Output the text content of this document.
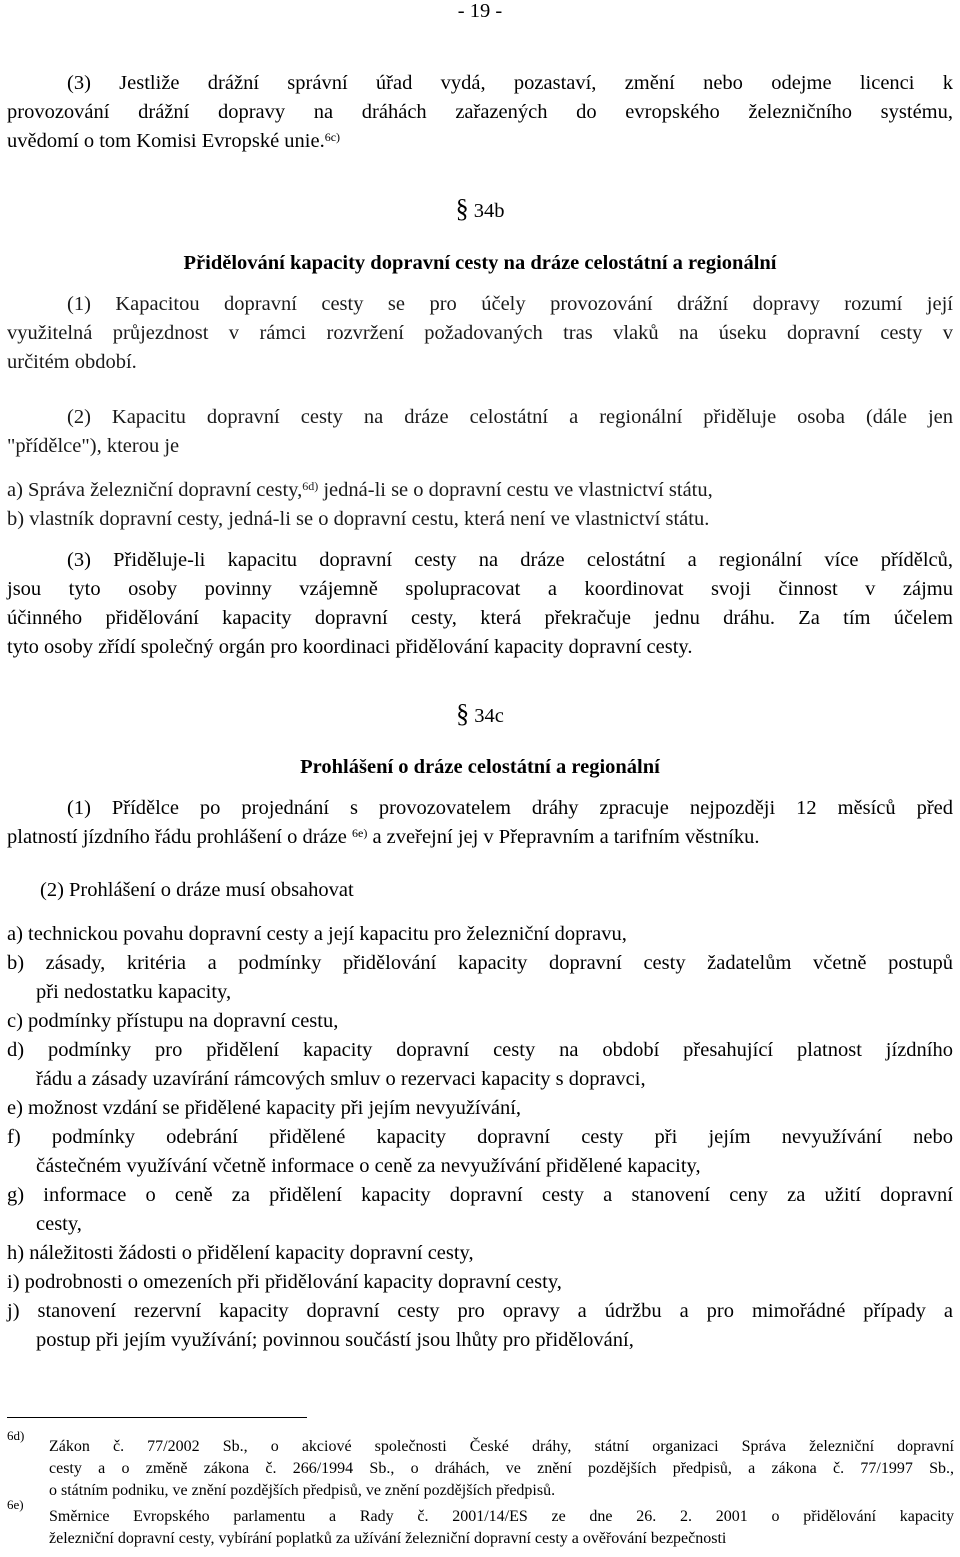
- 19 -
(3) Jestliže drážní správní úřad vydá, pozastaví, změní nebo odejme licenci k
provozování drážní dopravy na dráhách zařazených do evropského železničního systému,
uvědomí o tom Komisi Evropské unie.$^{6c)}$
§ 34b
Přidělování kapacity dopravní cesty na dráze celostátní a regionální
(1) Kapacitou dopravní cesty se pro účely provozování drážní dopravy rozumí její
využitelná průjezdnost v rámci rozvržení požadovaných tras vlaků na úseku dopravní cesty v
určitém období.
(2) Kapacitu dopravní cesty na dráze celostátní a regionální přiděluje osoba (dále jen
"přídělce"), kterou je
a) Správa železniční dopravní cesty,$^{6d)}$ jedná-li se o dopravní cestu ve vlastnictví státu,
b) vlastník dopravní cesty, jedná-li se o dopravní cestu, která není ve vlastnictví státu.
(3) Přiděluje-li kapacitu dopravní cesty na dráze celostátní a regionální více přídělců,
jsou tyto osoby povinny vzájemně spolupracovat a koordinovat svoji činnost v zájmu
účinného přidělování kapacity dopravní cesty, která překračuje jednu dráhu. Za tím účelem
tyto osoby zřídí společný orgán pro koordinaci přidělování kapacity dopravní cesty.
§ 34c
Prohlášení o dráze celostátní a regionální
(1) Přídělce po projednání s provozovatelem dráhy zpracuje nejpozději 12 měsíců před
platností jízdního řádu prohlášení o dráze $^{6e)}$ a zveřejní jej v Přepravním a tarifním věstníku.
(2) Prohlášení o dráze musí obsahovat
a) technickou povahu dopravní cesty a její kapacitu pro železniční dopravu,
b) zásady, kritéria a podmínky přidělování kapacity dopravní cesty žadatelům včetně postupů
při nedostatku kapacity,
c) podmínky přístupu na dopravní cestu,
d) podmínky pro přidělení kapacity dopravní cesty na období přesahující platnost jízdního
řádu a zásady uzavírání rámcových smluv o rezervaci kapacity s dopravci,
e) možnost vzdání se přidělené kapacity při jejím nevyužívání,
f) podmínky odebrání přidělené kapacity dopravní cesty při jejím nevyužívání nebo
částečném využívání včetně informace o ceně za nevyužívání přidělené kapacity,
g) informace o ceně za přidělení kapacity dopravní cesty a stanovení ceny za užití dopravní
cesty,
h) náležitosti žádosti o přidělení kapacity dopravní cesty,
i) podrobnosti o omezeních při přidělování kapacity dopravní cesty,
j) stanovení rezervní kapacity dopravní cesty pro opravy a údržbu a pro mimořádné případy a
postup při jejím využívání; povinnou součástí jsou lhůty pro přidělování,
6d)
Zákon č. 77/2002 Sb., o akciové společnosti České dráhy, státní organizaci Správa železniční dopravní
cesty a o změně zákona č. 266/1994 Sb., o dráhách, ve znění pozdějších předpisů, a zákona č. 77/1997 Sb.,
o státním podniku, ve znění pozdějších předpisů, ve znění pozdějších předpisů.
6e)
Směrnice Evropského parlamentu a Rady č. 2001/14/ES ze dne 26. 2. 2001 o přidělování kapacity
železniční dopravní cesty, vybírání poplatků za užívání železniční dopravní cesty a ověřování bezpečnosti
